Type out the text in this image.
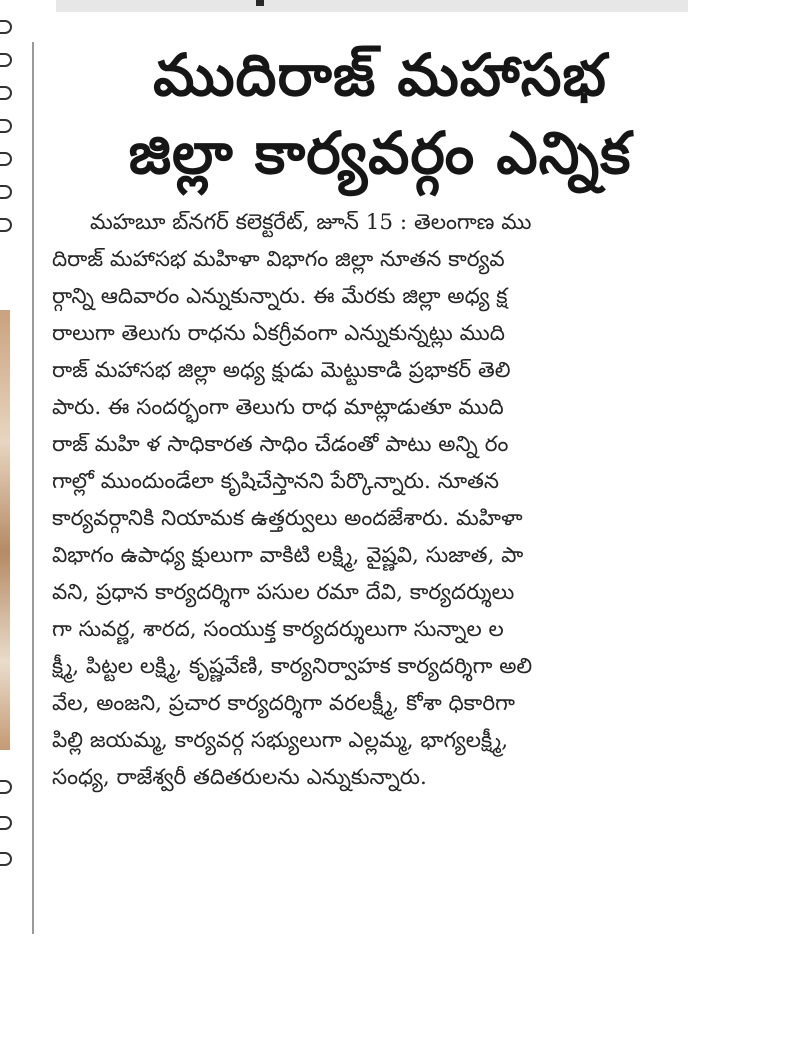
ముదిరాజ్ మహాసభ
జిల్లా కార్యవర్గం ఎన్నిక
మహబూ బ్‌నగర్ కలెక్టరేట్, జూన్ 15 : తెలంగాణ ము
దిరాజ్ మహాసభ మహిళా విభాగం జిల్లా నూతన కార్యవ
ర్గాన్ని ఆదివారం ఎన్నుకున్నారు. ఈ మేరకు జిల్లా అధ్య క్ష
రాలుగా తెలుగు రాధను ఏకగ్రీవంగా ఎన్నుకున్నట్లు ముది
రాజ్ మహాసభ జిల్లా అధ్య క్షుడు మెట్టుకాడి ప్రభాకర్ తెలి
పారు. ఈ సందర్భంగా తెలుగు రాధ మాట్లాడుతూ ముది
రాజ్ మహి ళ సాధికారత సాధిం చేడంతో పాటు అన్ని రం
గాల్లో ముందుండేలా కృషిచేస్తానని పేర్కొన్నారు. నూతన
కార్యవర్గానికి నియామక ఉత్తర్వులు అందజేశారు. మహిళా
విభాగం ఉపాధ్య క్షులుగా వాకిటి లక్ష్మి, వైష్ణవి, సుజాత, పా
వని, ప్రధాన కార్యదర్శిగా పసుల రమా దేవి, కార్యదర్శులు
గా సువర్ణ, శారద, సంయుక్త కార్యదర్శులుగా సున్నాల ల
క్ష్మీ, పిట్టల లక్ష్మి, కృష్ణవేణి, కార్యనిర్వాహక కార్యదర్శిగా అలి
వేల, అంజని, ప్రచార కార్యదర్శిగా వరలక్ష్మీ, కోశా ధికారిగా
పిల్లి జయమ్మ, కార్యవర్గ సభ్యులుగా ఎల్లమ్మ, భాగ్యలక్ష్మీ,
సంధ్య, రాజేశ్వరీ తదితరులను ఎన్నుకున్నారు.
